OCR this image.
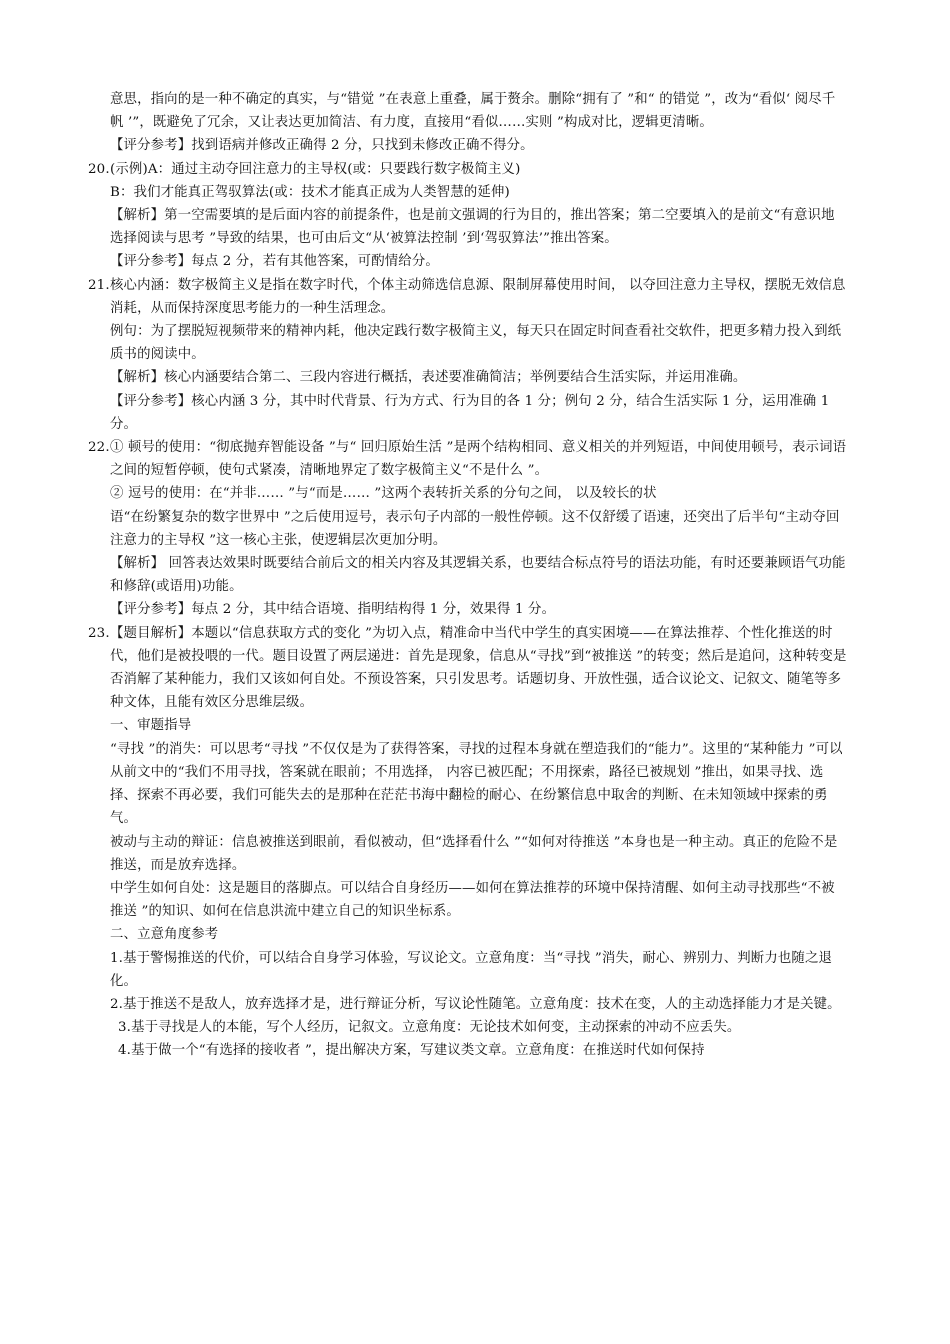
意思，指向的是一种不确定的真实，与“错觉 ”在表意上重叠，属于赘余。删除“拥有了 ”和“ 的错觉 ”，改为“看似‘ 阅尽千帆 ’”，既避免了冗余，又让表达更加简洁、有力度，直接用“看似……实则 ”构成对比，逻辑更清晰。

【评分参考】找到语病并修改正确得 2 分，只找到未修改正确不得分。

20. (示例)A：通过主动夺回注意力的主导权(或：只要践行数字极简主义)

B：我们才能真正驾驭算法(或：技术才能真正成为人类智慧的延伸)

【解析】第一空需要填的是后面内容的前提条件，也是前文强调的行为目的，推出答案；第二空要填入的是前文“有意识地选择阅读与思考 ”导致的结果，也可由后文“从‘被算法控制 ’到‘驾驭算法’”推出答案。

【评分参考】每点 2 分，若有其他答案，可酌情给分。

21. 核心内涵：数字极简主义是指在数字时代，个体主动筛选信息源、限制屏幕使用时间， 以夺回注意力主导权，摆脱无效信息消耗，从而保持深度思考能力的一种生活理念。

例句：为了摆脱短视频带来的精神内耗，他决定践行数字极简主义，每天只在固定时间查看社交软件，把更多精力投入到纸质书的阅读中。

【解析】核心内涵要结合第二、三段内容进行概括，表述要准确简洁；举例要结合生活实际，并运用准确。

【评分参考】核心内涵 3 分，其中时代背景、行为方式、行为目的各 1 分；例句 2 分，结合生活实际 1 分，运用准确 1 分。

22. ① 顿号的使用：“彻底抛弃智能设备 ”与“ 回归原始生活 ”是两个结构相同、意义相关的并列短语，中间使用顿号，表示词语之间的短暂停顿，使句式紧凑，清晰地界定了数字极简主义“不是什么 ”。

② 逗号的使用：在“并非…… ”与“而是…… ”这两个表转折关系的分句之间， 以及较长的状

语“在纷繁复杂的数字世界中 ”之后使用逗号，表示句子内部的一般性停顿。这不仅舒缓了语速，还突出了后半句“主动夺回注意力的主导权 ”这一核心主张，使逻辑层次更加分明。

【解析】 回答表达效果时既要结合前后文的相关内容及其逻辑关系，也要结合标点符号的语法功能，有时还要兼顾语气功能和修辞(或语用)功能。

【评分参考】每点 2 分，其中结合语境、指明结构得 1 分，效果得 1 分。

23. 【题目解析】本题以“信息获取方式的变化 ”为切入点，精准命中当代中学生的真实困境——在算法推荐、个性化推送的时代，他们是被投喂的一代。题目设置了两层递进：首先是现象，信息从“寻找”到“被推送 ”的转变；然后是追问，这种转变是否消解了某种能力，我们又该如何自处。不预设答案，只引发思考。话题切身、开放性强，适合议论文、记叙文、随笔等多种文体，且能有效区分思维层级。

一、审题指导

“寻找 ”的消失：可以思考“寻找 ”不仅仅是为了获得答案，寻找的过程本身就在塑造我们的“能力”。这里的“某种能力 ”可以从前文中的“我们不用寻找，答案就在眼前；不用选择， 内容已被匹配；不用探索，路径已被规划 ”推出，如果寻找、选择、探索不再必要，我们可能失去的是那种在茫茫书海中翻检的耐心、在纷繁信息中取舍的判断、在未知领域中探索的勇气。

被动与主动的辩证：信息被推送到眼前，看似被动，但“选择看什么 ”“如何对待推送 ”本身也是一种主动。真正的危险不是推送，而是放弃选择。

中学生如何自处：这是题目的落脚点。可以结合自身经历——如何在算法推荐的环境中保持清醒、如何主动寻找那些“不被推送 ”的知识、如何在信息洪流中建立自己的知识坐标系。

二、立意角度参考

1.基于警惕推送的代价，可以结合自身学习体验，写议论文。立意角度：当“寻找 ”消失，耐心、辨别力、判断力也随之退化。

2.基于推送不是敌人，放弃选择才是，进行辩证分析，写议论性随笔。立意角度：技术在变，人的主动选择能力才是关键。

3.基于寻找是人的本能，写个人经历，记叙文。立意角度：无论技术如何变，主动探索的冲动不应丢失。

4.基于做一个“有选择的接收者 ”，提出解决方案，写建议类文章。立意角度：在推送时代如何保持
